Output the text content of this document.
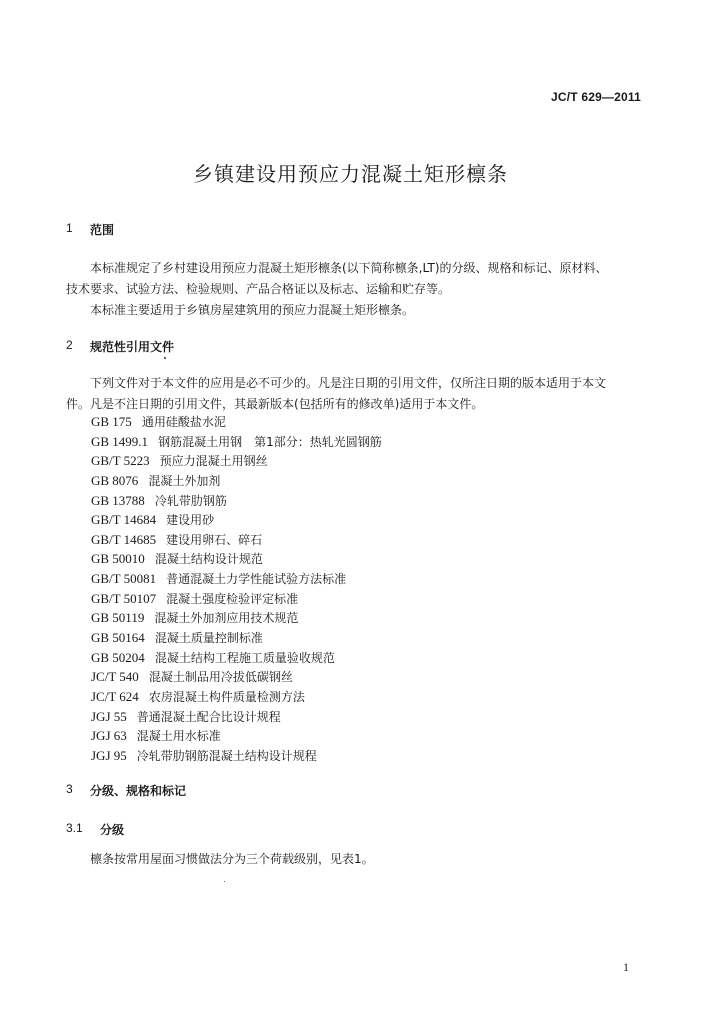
JC/T 629—2011
乡镇建设用预应力混凝土矩形檩条
1 范围
本标准规定了乡村建设用预应力混凝土矩形檩条(以下简称檩条,LT)的分级、规格和标记、原材料、
技术要求、试验方法、检验规则、产品合格证以及标志、运输和贮存等。
本标准主要适用于乡镇房屋建筑用的预应力混凝土矩形檩条。
2 规范性引用文件
下列文件对于本文件的应用是必不可少的。凡是注日期的引用文件，仅所注日期的版本适用于本文
件。凡是不注日期的引用文件，其最新版本(包括所有的修改单)适用于本文件。
GB 175 通用硅酸盐水泥
GB 1499.1 钢筋混凝土用钢　第1部分：热轧光圆钢筋
GB/T 5223 预应力混凝土用钢丝
GB 8076 混凝土外加剂
GB 13788 冷轧带肋钢筋
GB/T 14684 建设用砂
GB/T 14685 建设用卵石、碎石
GB 50010 混凝土结构设计规范
GB/T 50081 普通混凝土力学性能试验方法标准
GB/T 50107 混凝土强度检验评定标准
GB 50119 混凝土外加剂应用技术规范
GB 50164 混凝土质量控制标准
GB 50204 混凝土结构工程施工质量验收规范
JC/T 540 混凝土制品用冷拔低碳钢丝
JC/T 624 农房混凝土构件质量检测方法
JGJ 55 普通混凝土配合比设计规程
JGJ 63 混凝土用水标准
JGJ 95 冷轧带肋钢筋混凝土结构设计规程
3 分级、规格和标记
3.1 分级
檩条按常用屋面习惯做法分为三个荷载级别，见表1。
1
